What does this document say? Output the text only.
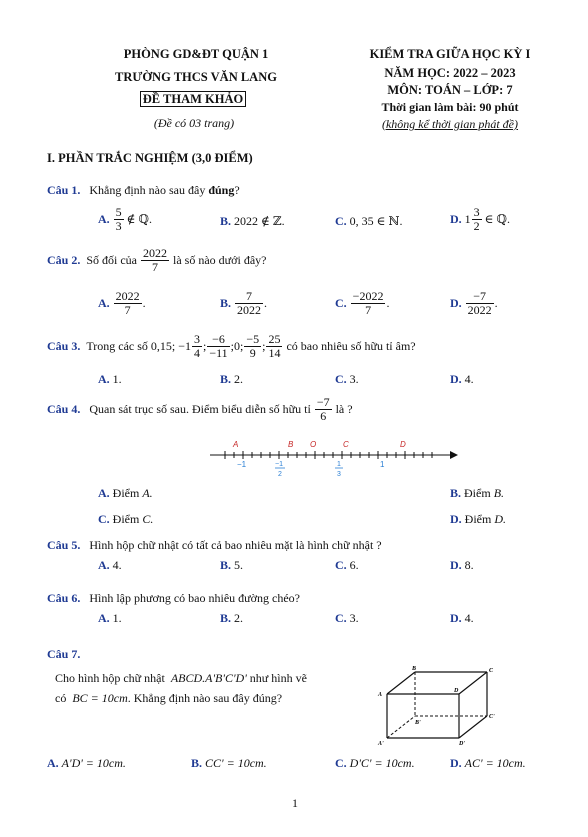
PHÒNG GD&ĐT QUẬN 1
TRƯỜNG THCS VĂN LANG
ĐỀ THAM KHẢO
(Đề có 03 trang)
KIỂM TRA GIỮA HỌC KỲ I
NĂM HỌC: 2022 – 2023
MÔN: TOÁN – LỚP: 7
Thời gian làm bài: 90 phút
(không kể thời gian phát đề)
I. PHẦN TRẮC NGHIỆM (3,0 ĐIỂM)
Câu 1. Khẳng định nào sau đây đúng?
A.
$\frac{5}{3}$ ∉ ℚ.	B. 2022 ∉ ℤ.	C. 0, 35 ∈ ℕ.	D.
$1 \frac{3}{2}$ ∈ ℚ.
Câu 2.
Số đối của
$\frac{2022}{7}$
là số nào dưới đây?
A.
$\frac{2022}{7}$ .	B.
$\frac{7}{2022}$ .	C.
$\frac{-2022}{7}$ .	D.
$\frac{-7}{2022}$ .
Câu 3.
Trong các số 0,15; $-1 \frac{3}{4}$ ; $\frac{-6}{-11}$ ;0; $\frac{-5}{9}$ ; $\frac{25}{14}$
có bao nhiêu số hữu tỉ âm?
A. 1.	B. 2.	C. 3.	D. 4.
Câu 4.
Quan sát trục số sau. Điểm biểu diễn số hữu tỉ
$\frac{-7}{6}$
là ?
A	B O	C	D
−1	−1
2
1
3
1
A. Điểm A.	B. Điểm B.
C. Điểm C.	D. Điểm D.
Câu 5. Hình hộp chữ nhật có tất cả bao nhiêu mặt là hình chữ nhật ?
A. 4.	B. 5.	C. 6.	D. 8.
Câu 6. Hình lập phương có bao nhiêu đường chéo?
A. 1.	B. 2.	C. 3.	D. 4.
Câu 7.
Cho hình hộp chữ nhật ABCD.A'B'C'D' như hình vẽ
có BC = 10cm. Khẳng định nào sau đây đúng?	A
B	C
D
A'
B'
C'
D'
A. A'D' = 10cm.	B. CC' = 10cm.	C. D'C' = 10cm.	D. AC' = 10cm.
1
